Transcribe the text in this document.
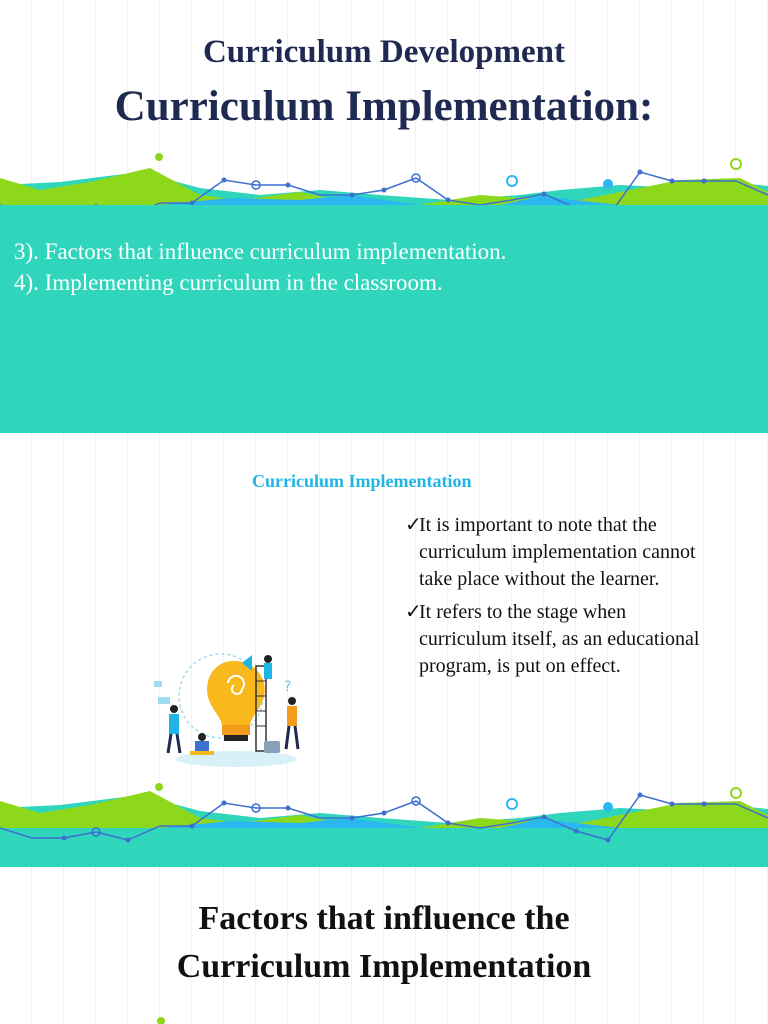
Curriculum Development
Curriculum Implementation:
3). Factors that influence curriculum implementation.
4). Implementing curriculum in the classroom.
Curriculum Implementation
✓It is important to note that the curriculum implementation cannot take place without the learner.
✓It refers to the stage when curriculum itself, as an educational program, is put on effect.
?
Factors that influence the
Curriculum Implementation
